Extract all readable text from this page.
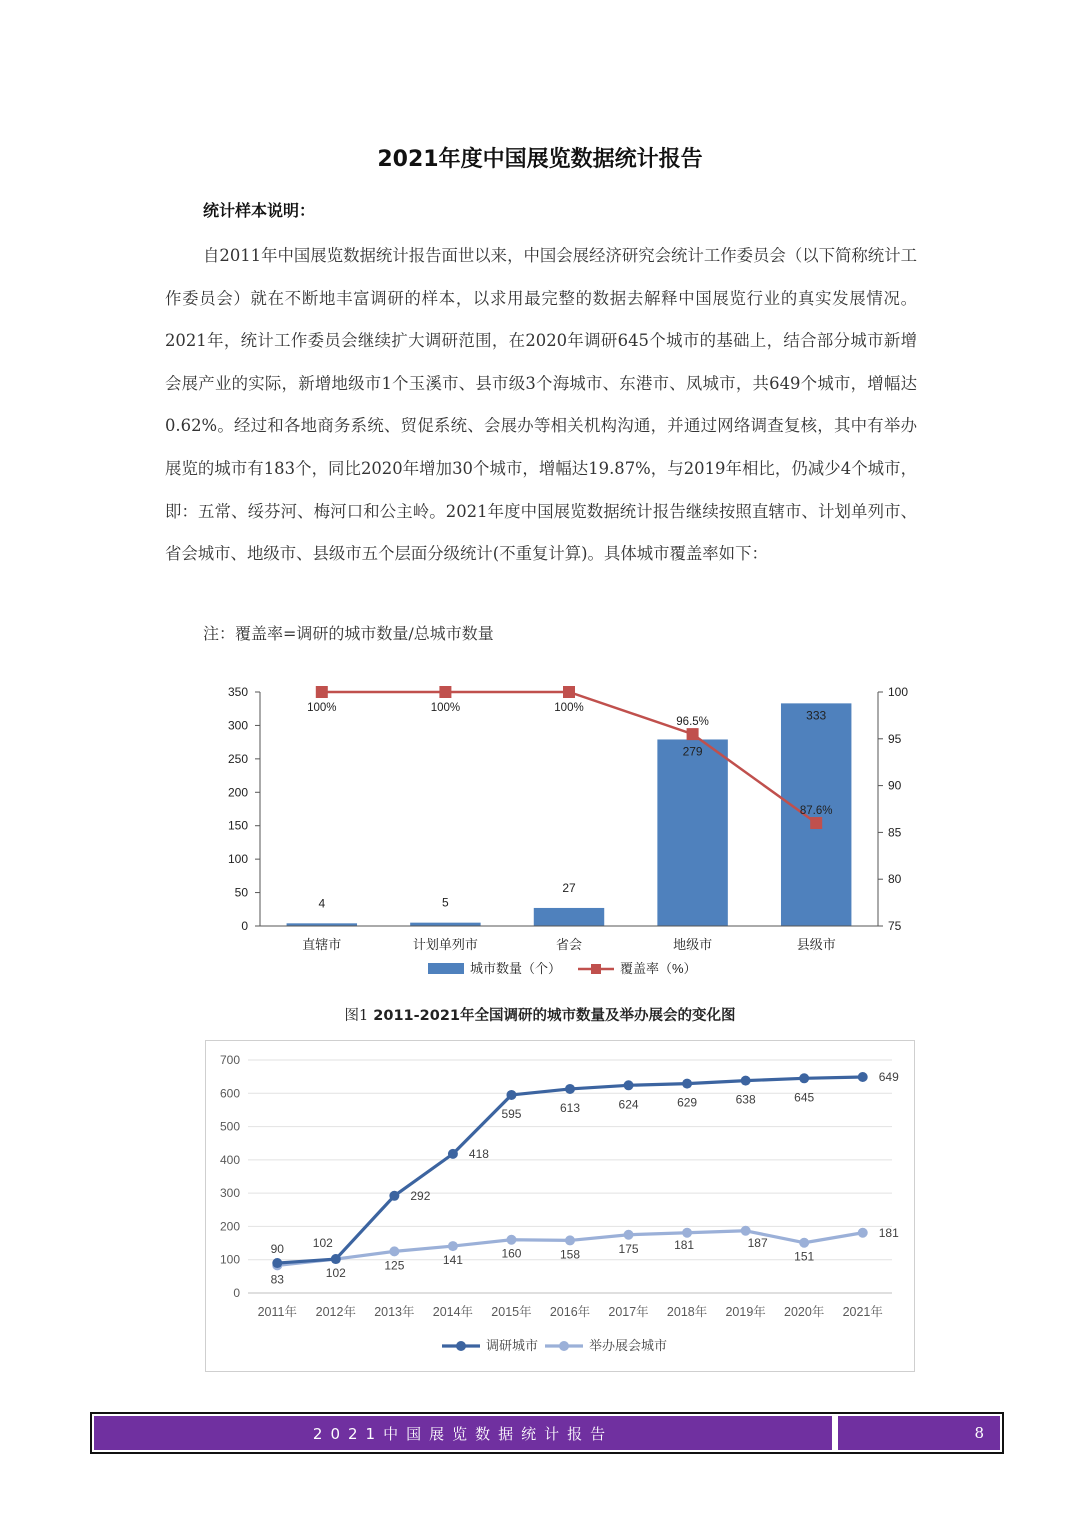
2021年度中国展览数据统计报告
统计样本说明：

自2011年中国展览数据统计报告面世以来，中国会展经济研究会统计工作委员会（以下简称统计工作委员会）就在不断地丰富调研的样本，以求用最完整的数据去解释中国展览行业的真实发展情况。2021年，统计工作委员会继续扩大调研范围，在2020年调研645个城市的基础上，结合部分城市新增会展产业的实际，新增地级市1个玉溪市、县市级3个海城市、东港市、凤城市，共649个城市，增幅达0.62%。经过和各地商务系统、贸促系统、会展办等相关机构沟通，并通过网络调查复核，其中有举办展览的城市有183个，同比2020年增加30个城市，增幅达19.87%，与2019年相比，仍减少4个城市，即：五常、绥芬河、梅河口和公主岭。2021年度中国展览数据统计报告继续按照直辖市、计划单列市、省会城市、地级市、县级市五个层面分级统计(不重复计算)。具体城市覆盖率如下：

注：覆盖率=调研的城市数量/总城市数量
0
50
100
150
200
250
300
350
75
80
85
90
95
100
4	5
27
279
333
直辖市	计划单列市	省会	地级市	县级市
100%	100%	100%
96.5%
87.6%
城市数量（个）	覆盖率（%）
图1 2011-2021年全国调研的城市数量及举办展会的变化图
0
100
200
300
400
500
600
700
2011年 2012年 2013年 2014年 2015年 2016年 2017年 2018年 2019年 2020年 2021年
90 102
292
418
595	613	624	629	638	645
649
83	102
125	141	160	158	175	181	187
151
181
调研城市	举办展会城市
2021中国展览数据统计报告	8
